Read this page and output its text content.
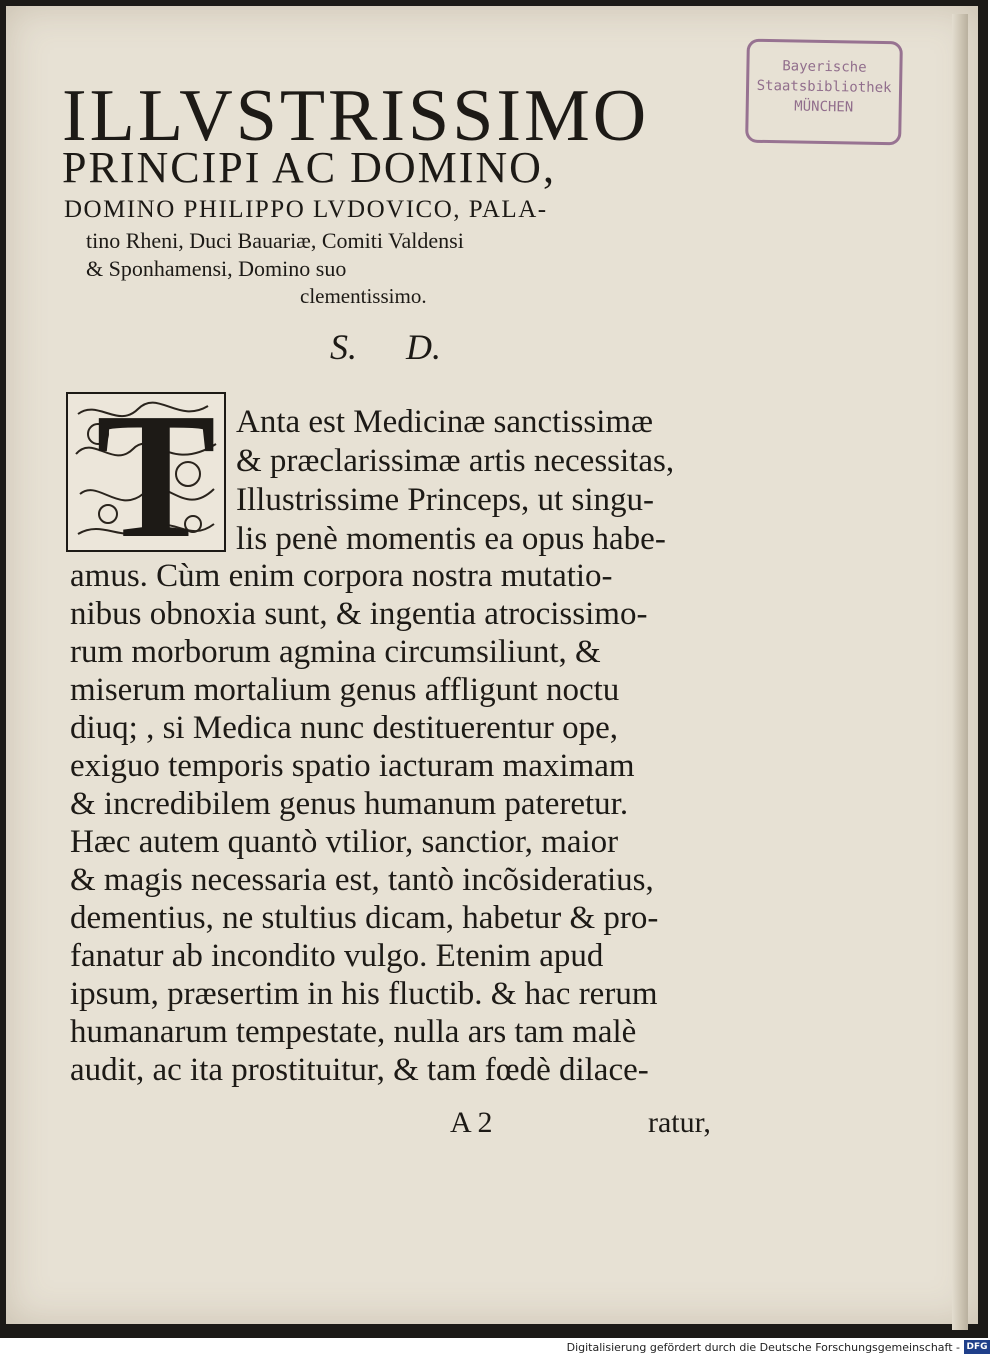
Bayerische
Staatsbibliothek
MÜNCHEN
ILLVSTRISSIMO
PRINCIPI AC DOMINO,
DOMINO PHILIPPO LVDOVICO, PALA-
tino Rheni, Duci Bauariæ, Comiti Valdensi
& Sponhamensi, Domino suo
clementissimo.
S. D.
T Anta est Medicinæ sanctissimæ
& præclarissimæ artis necessitas,
Illustrissime Princeps, ut singu-
lis penè momentis ea opus habe-
amus. Cùm enim corpora nostra mutatio-
nibus obnoxia sunt, & ingentia atrocissimo-
rum morborum agmina circumsiliunt, &
miserum mortalium genus affligunt noctu
diuq; , si Medica nunc destituerentur ope,
exiguo temporis spatio iacturam maximam
& incredibilem genus humanum pateretur.
Hæc autem quantò vtilior, sanctior, maior
& magis necessaria est, tantò incõsideratius,
dementius, ne stultius dicam, habetur & pro-
fanatur ab incondito vulgo. Etenim apud
ipsum, præsertim in his fluctib. & hac rerum
humanarum tempestate, nulla ars tam malè
audit, ac ita prostituitur, & tam fœdè dilace-
A 2	ratur,
Digitalisierung gefördert durch die Deutsche Forschungsgemeinschaft - DFG
